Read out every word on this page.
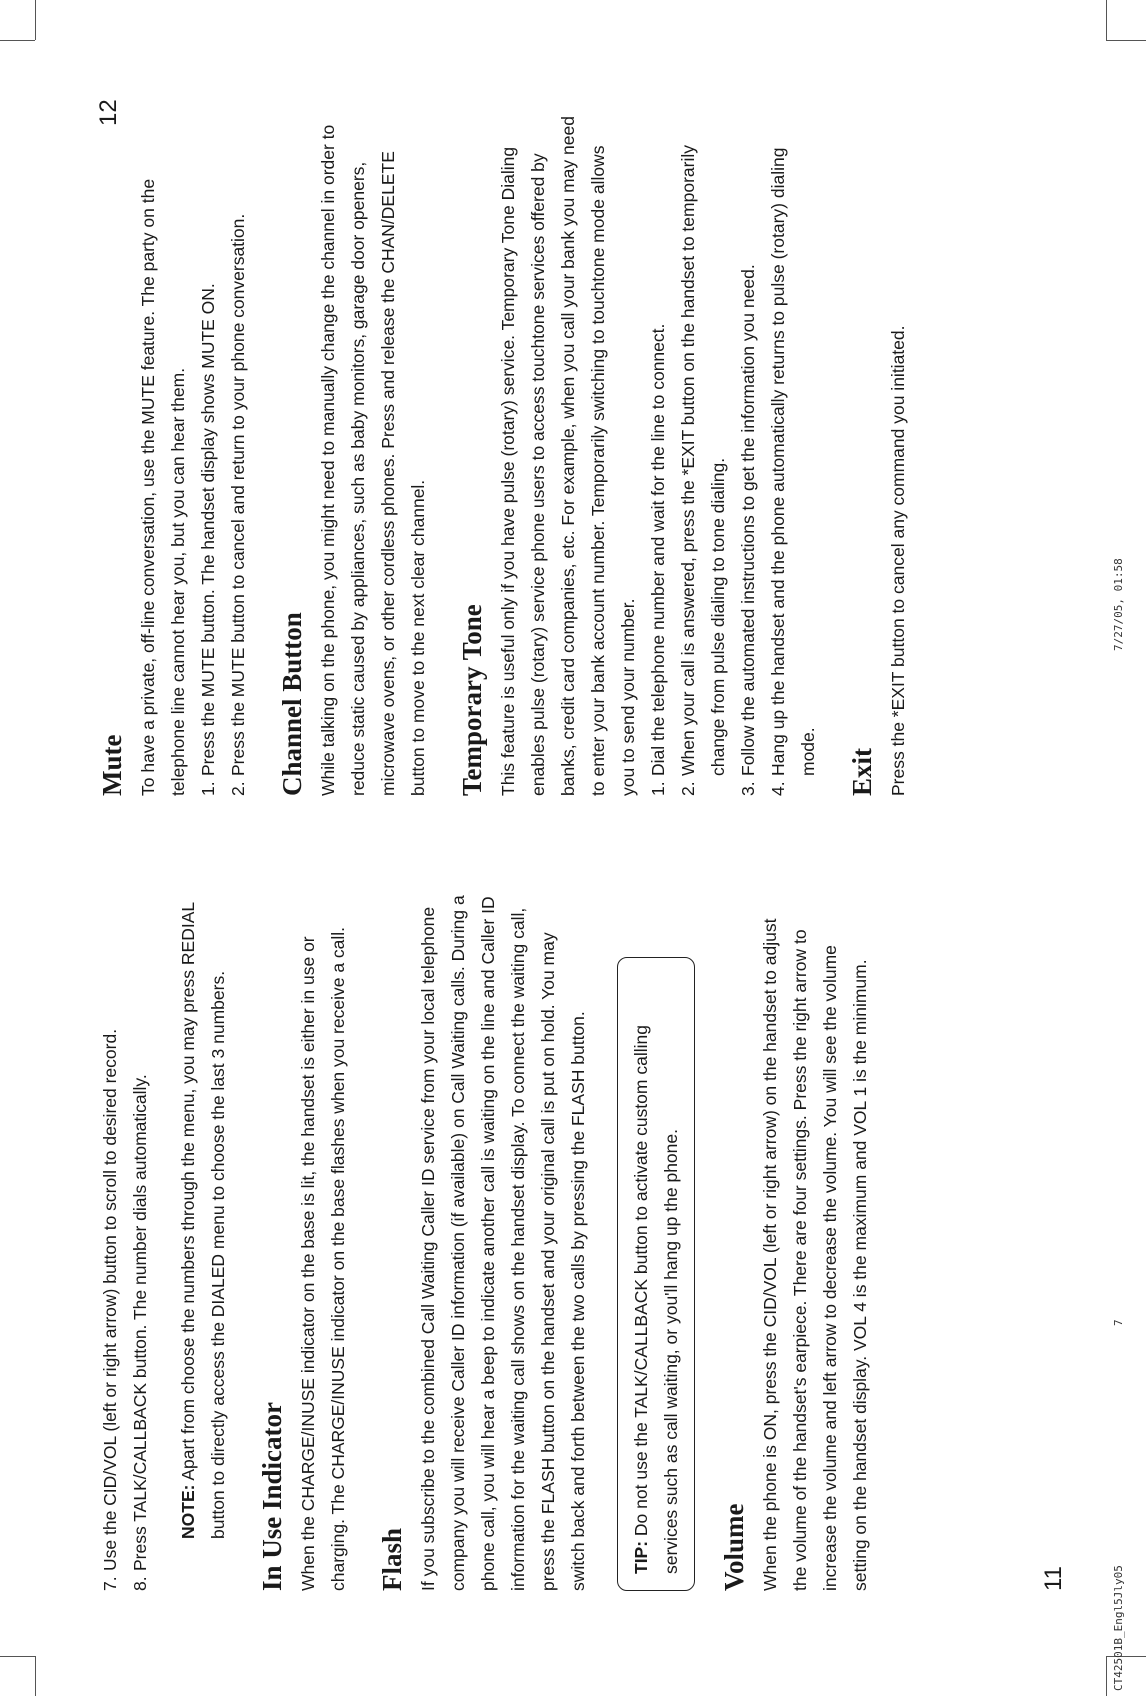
7.
Use the CID/VOL (left or right arrow) button to scroll to desired record.
8.
Press TALK/CALLBACK button. The number dials automatically. NOTE: Apart from choose the numbers through the menu, you may press REDIAL button to directly access the DIALED menu to choose the last 3 numbers. In Use Indicator When the CHARGE/INUSE indicator on the base is lit, the handset is either in use or charging. The CHARGE/INUSE indicator on the base flashes when you receive a call. Flash If you subscribe to the combined Call Waiting Caller ID service from your local telephone company you will receive Caller ID information (if available) on Call Waiting calls. During a phone call, you will hear a beep to indicate another call is waiting on the line and Caller ID information for the waiting call shows on the handset display. To connect the waiting call, press the FLASH button on the handset and your original call is put on hold. You may switch back and forth between the two calls by pressing the FLASH button.	TIP: Do not use the TALK/CALLBACK button to activate custom calling services such as call waiting, or you'll hang up the phone.	Volume When the phone is ON, press the CID/VOL (left or right arrow) on the handset to adjust the volume of the handset's earpiece. There are four settings. Press the right arrow to increase the volume and left arrow to decrease the volume. You will see the volume setting on the handset display. VOL 4 is the maximum and VOL 1 is the minimum.	11
Mute To have a private, off-line conversation, use the MUTE feature. The party on the telephone line cannot hear you, but you can hear them. 1.
Press the MUTE button. The handset display shows MUTE ON.
2.
Press the MUTE button to cancel and return to your phone conversation. Channel Button While talking on the phone, you might need to manually change the channel in order to reduce static caused by appliances, such as baby monitors, garage door openers, microwave ovens, or other cordless phones. Press and release the CHAN/DELETE button to move to the next clear channel. Temporary Tone This feature is useful only if you have pulse (rotary) service. Temporary Tone Dialing enables pulse (rotary) service phone users to access touchtone services offered by banks, credit card companies, etc. For example, when you call your bank you may need to enter your bank account number. Temporarily switching to touchtone mode allows you to send your number. 1.
Dial the telephone number and wait for the line to connect.
2.
When your call is answered, press the *EXIT button on the handset to temporarily change from pulse dialing to tone dialing.
3.
Follow the automated instructions to get the information you need.
4.
Hang up the handset and the phone automatically returns to pulse (rotary) dialing mode. Exit Press the *EXIT button to cancel any command you initiated.

12
CT42501B_Engl5Jly05
7
7/27/05, 01:58
